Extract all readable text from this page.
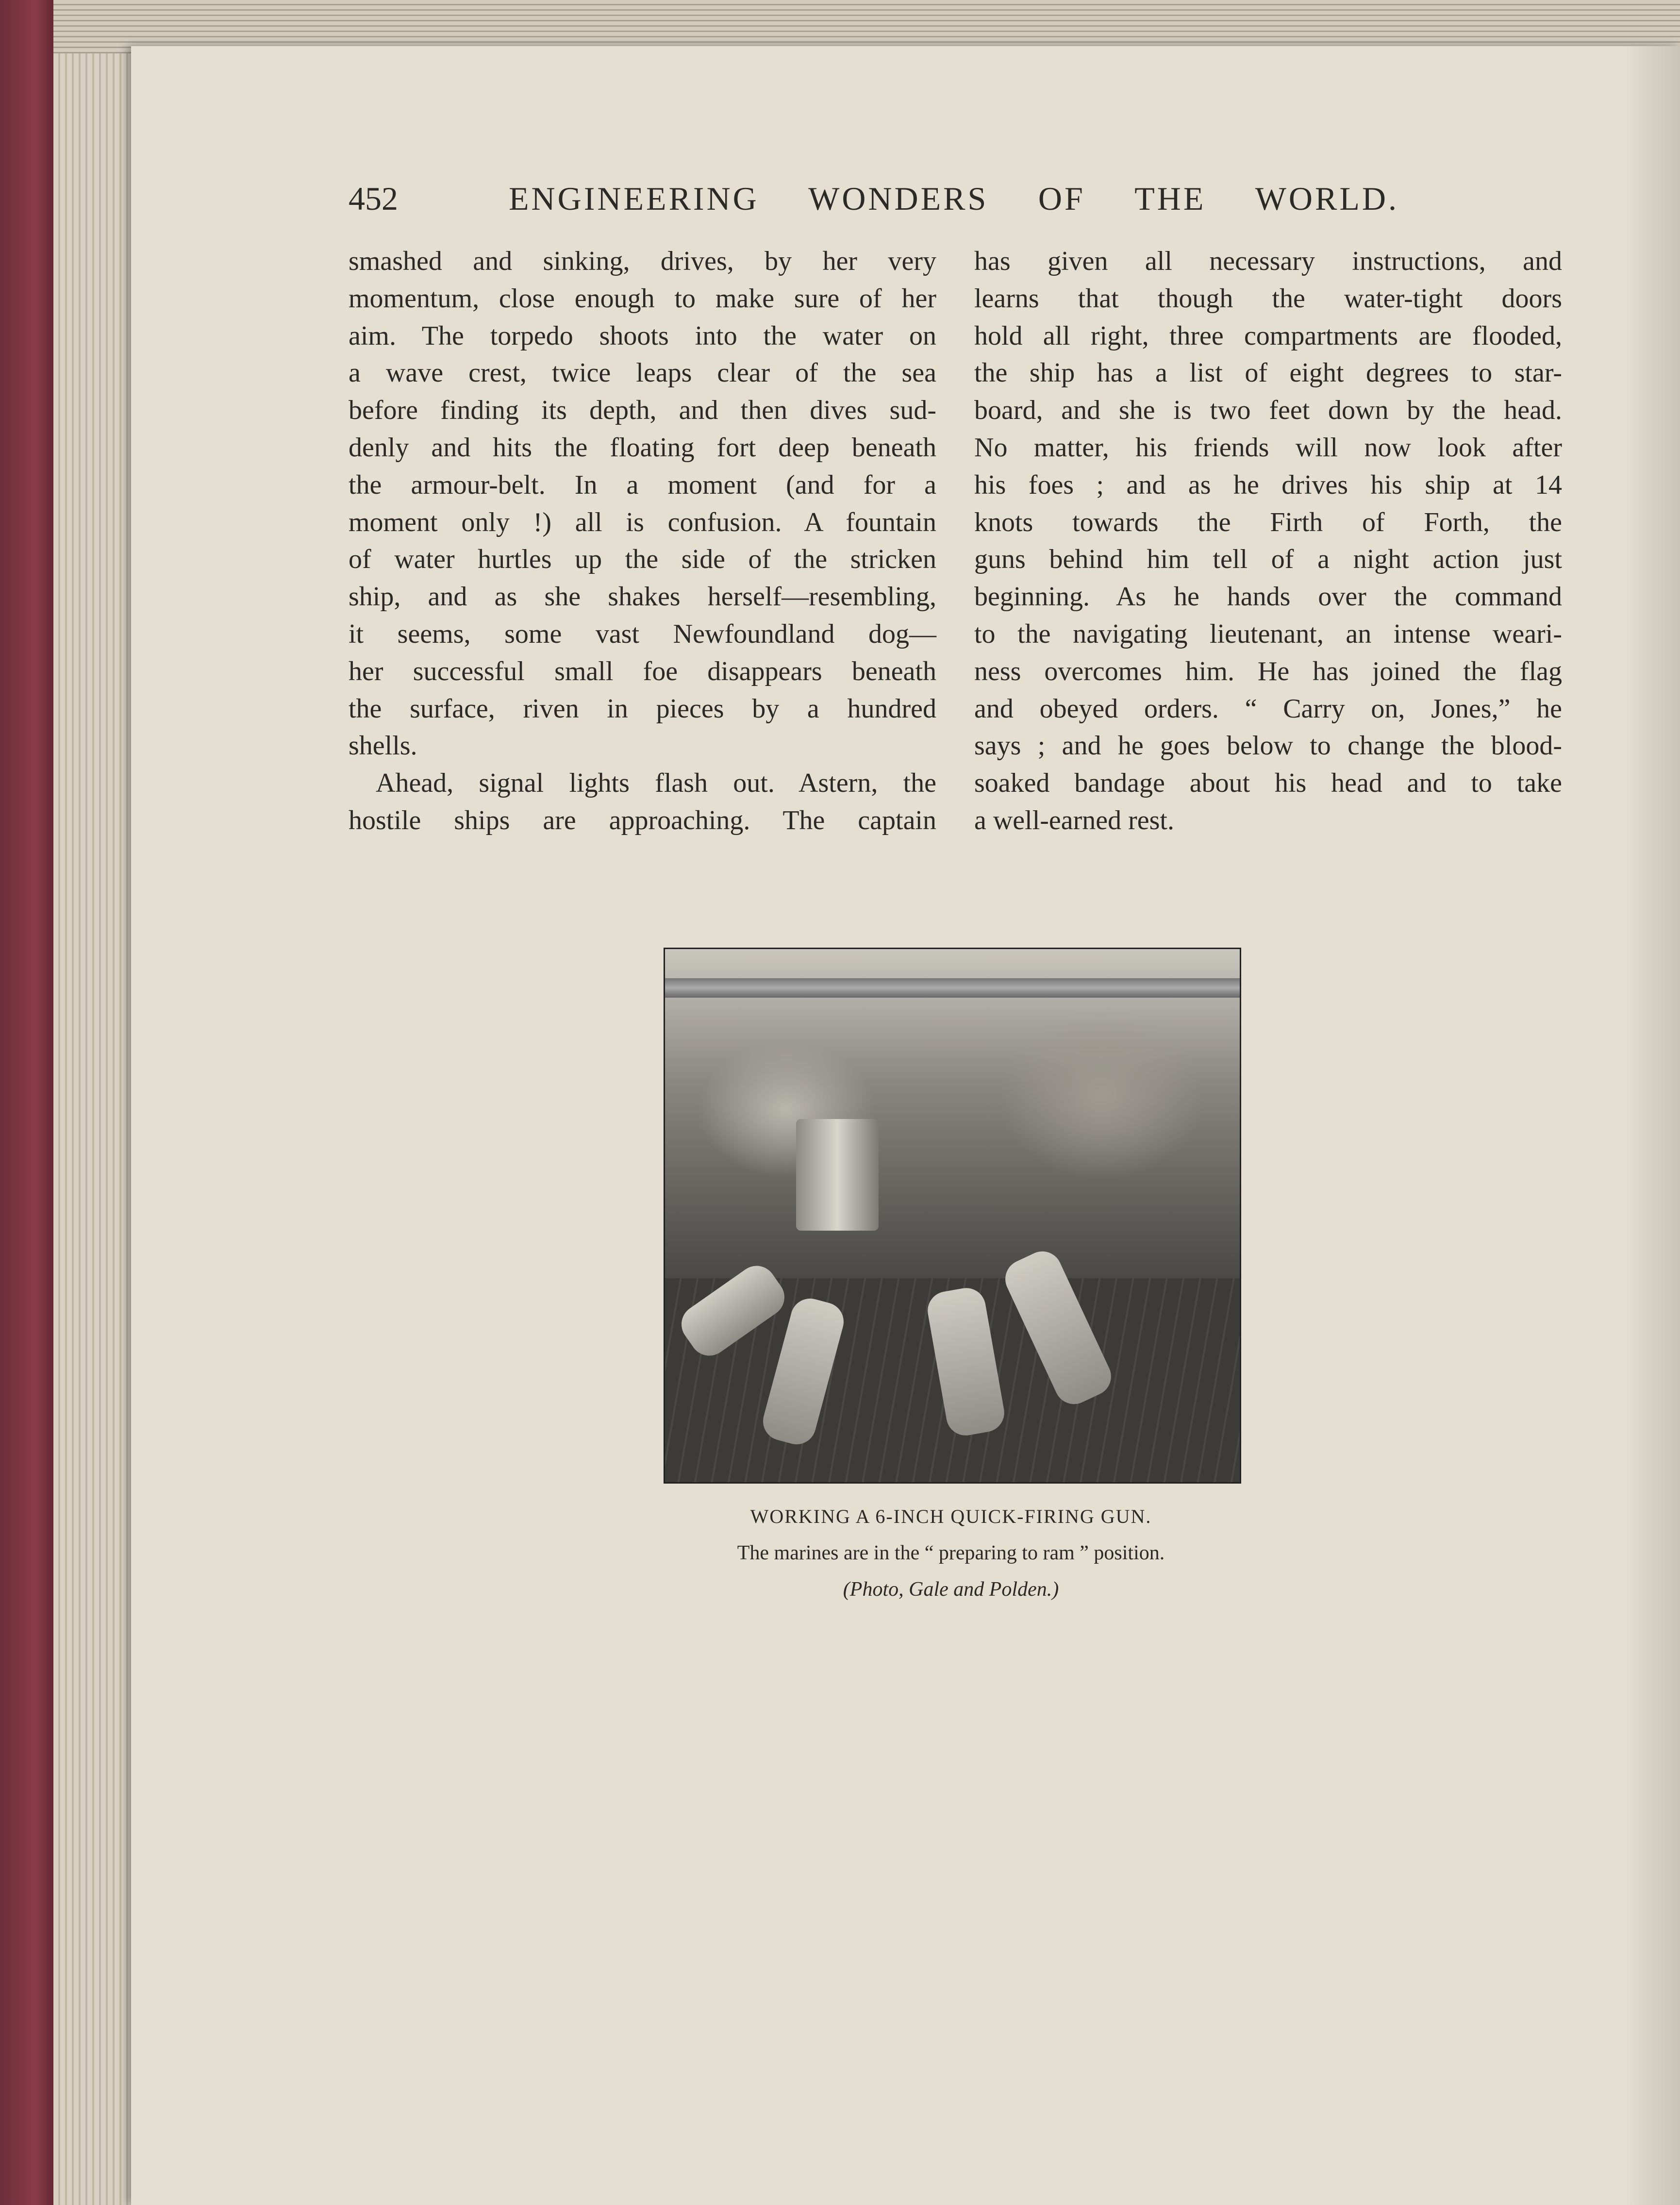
452	ENGINEERING WONDERS OF THE WORLD.
smashed and sinking, drives, by her very
momentum, close enough to make sure of her
aim. The torpedo shoots into the water on
a wave crest, twice leaps clear of the sea
before finding its depth, and then dives sud-
denly and hits the floating fort deep beneath
the armour-belt. In a moment (and for a
moment only !) all is confusion. A fountain
of water hurtles up the side of the stricken
ship, and as she shakes herself—resembling,
it seems, some vast Newfoundland dog—
her successful small foe disappears beneath
the surface, riven in pieces by a hundred
shells.
Ahead, signal lights flash out. Astern, the
hostile ships are approaching. The captain
has given all necessary instructions, and
learns that though the water-tight doors
hold all right, three compartments are flooded,
the ship has a list of eight degrees to star-
board, and she is two feet down by the head.
No matter, his friends will now look after
his foes ; and as he drives his ship at 14
knots towards the Firth of Forth, the
guns behind him tell of a night action just
beginning. As he hands over the command
to the navigating lieutenant, an intense weari-
ness overcomes him. He has joined the flag
and obeyed orders. “ Carry on, Jones,” he
says ; and he goes below to change the blood-
soaked bandage about his head and to take
a well-earned rest.
WORKING A 6-INCH QUICK-FIRING GUN.
The marines are in the “ preparing to ram ” position.
(Photo, Gale and Polden.)
